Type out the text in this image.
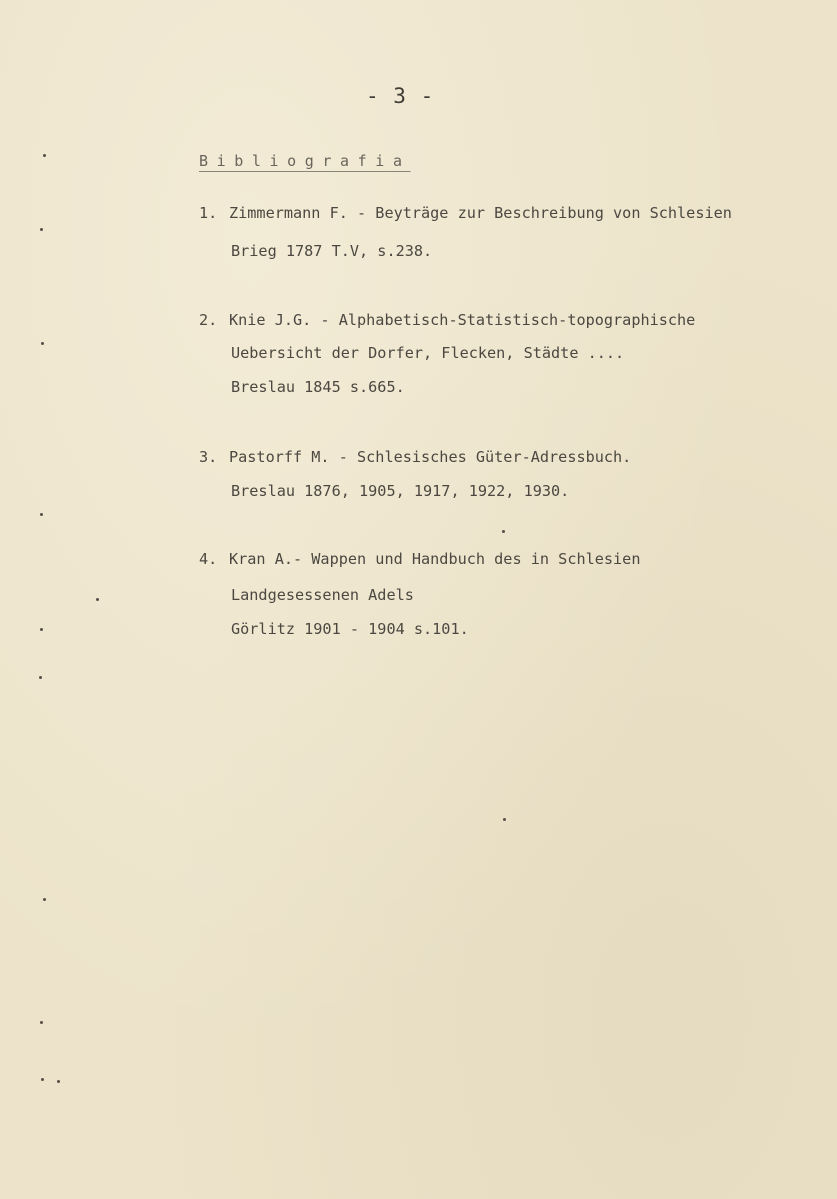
- 3 -
Bibliografia
1. Zimmermann F. - Beyträge zur Beschreibung von Schlesien
Brieg 1787 T.V, s.238.
2. Knie J.G. - Alphabetisch-Statistisch-topographische
Uebersicht der Dorfer, Flecken, Städte ....
Breslau 1845 s.665.
3. Pastorff M. - Schlesisches Güter-Adressbuch.
Breslau 1876, 1905, 1917, 1922, 1930.
4. Kran A.- Wappen und Handbuch des in Schlesien
Landgesessenen Adels
Görlitz 1901 - 1904 s.101.
